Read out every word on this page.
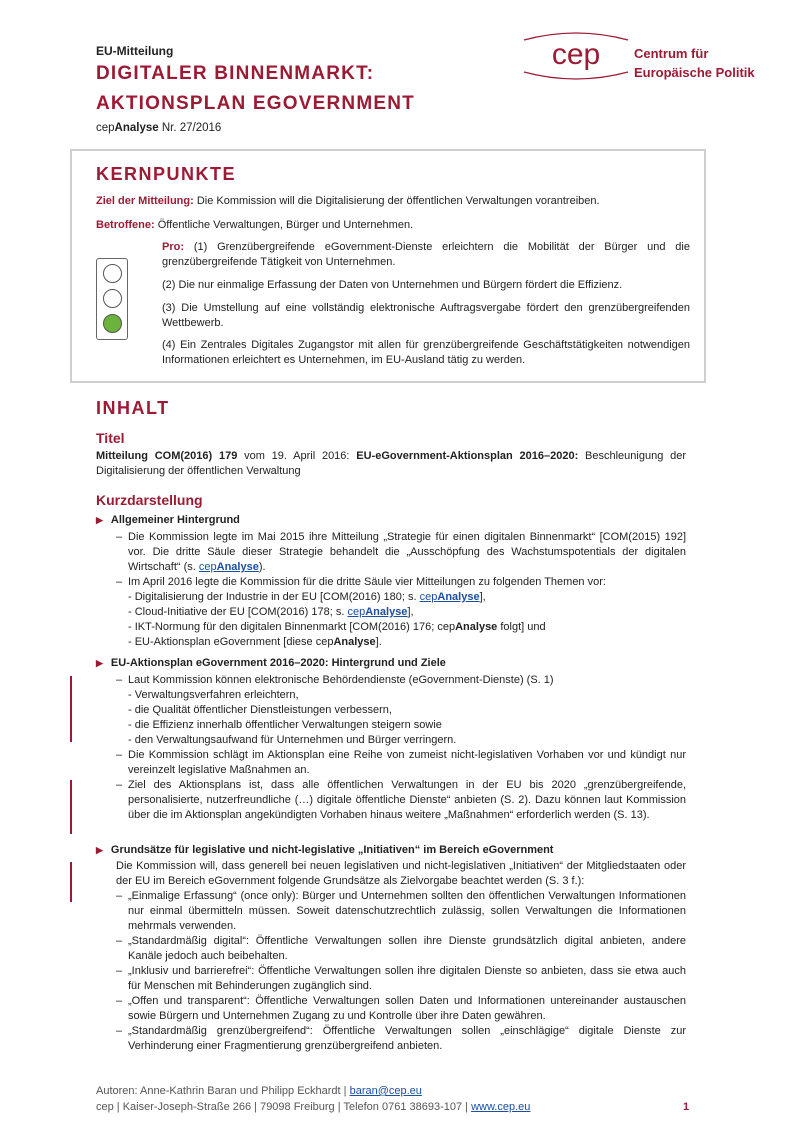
EU-Mitteilung
DIGITALER BINNENMARKT:
AKTIONSPLAN EGOVERNMENT
cepAnalyse Nr. 27/2016
cep	Centrum für
Europäische Politik
KERNPUNKTE
Ziel der Mitteilung: Die Kommission will die Digitalisierung der öffentlichen Verwaltungen vorantreiben.
Betroffene: Öffentliche Verwaltungen, Bürger und Unternehmen.
Pro: (1) Grenzübergreifende eGovernment-Dienste erleichtern die Mobilität der Bürger und die grenzübergreifende Tätigkeit von Unternehmen.
(2) Die nur einmalige Erfassung der Daten von Unternehmen und Bürgern fördert die Effizienz.
(3) Die Umstellung auf eine vollständig elektronische Auftragsvergabe fördert den grenzübergreifenden Wettbewerb.
(4) Ein Zentrales Digitales Zugangstor mit allen für grenzübergreifende Geschäftstätigkeiten notwendigen Informationen erleichtert es Unternehmen, im EU-Ausland tätig zu werden.
INHALT
Titel
Mitteilung COM(2016) 179 vom 19. April 2016: EU-eGovernment-Aktionsplan 2016–2020: Beschleunigung der Digitalisierung der öffentlichen Verwaltung
Kurzdarstellung
▶ Allgemeiner Hintergrund
– Die Kommission legte im Mai 2015 ihre Mitteilung „Strategie für einen digitalen Binnenmarkt“ [COM(2015) 192] vor. Die dritte Säule dieser Strategie behandelt die „Ausschöpfung des Wachstumspotentials der digitalen Wirtschaft“ (s. cepAnalyse).
– Im April 2016 legte die Kommission für die dritte Säule vier Mitteilungen zu folgenden Themen vor:
- Digitalisierung der Industrie in der EU [COM(2016) 180; s. cepAnalyse],
- Cloud-Initiative der EU [COM(2016) 178; s. cepAnalyse],
- IKT-Normung für den digitalen Binnenmarkt [COM(2016) 176; cepAnalyse folgt] und
- EU-Aktionsplan eGovernment [diese cepAnalyse].
▶ EU-Aktionsplan eGovernment 2016–2020: Hintergrund und Ziele
– Laut Kommission können elektronische Behördendienste (eGovernment-Dienste) (S. 1)
- Verwaltungsverfahren erleichtern,
- die Qualität öffentlicher Dienstleistungen verbessern,
- die Effizienz innerhalb öffentlicher Verwaltungen steigern sowie
- den Verwaltungsaufwand für Unternehmen und Bürger verringern.
– Die Kommission schlägt im Aktionsplan eine Reihe von zumeist nicht-legislativen Vorhaben vor und kündigt nur vereinzelt legislative Maßnahmen an.
– Ziel des Aktionsplans ist, dass alle öffentlichen Verwaltungen in der EU bis 2020 „grenzübergreifende, personalisierte, nutzerfreundliche (…) digitale öffentliche Dienste“ anbieten (S. 2). Dazu können laut Kommission über die im Aktionsplan angekündigten Vorhaben hinaus weitere „Maßnahmen“ erforderlich werden (S. 13).
▶ Grundsätze für legislative und nicht-legislative „Initiativen“ im Bereich eGovernment
Die Kommission will, dass generell bei neuen legislativen und nicht-legislativen „Initiativen“ der Mitgliedstaaten oder der EU im Bereich eGovernment folgende Grundsätze als Zielvorgabe beachtet werden (S. 3 f.):
– „Einmalige Erfassung“ (once only): Bürger und Unternehmen sollten den öffentlichen Verwaltungen Informationen nur einmal übermitteln müssen. Soweit datenschutzrechtlich zulässig, sollen Verwaltungen die Informationen mehrmals verwenden.
– „Standardmäßig digital“: Öffentliche Verwaltungen sollen ihre Dienste grundsätzlich digital anbieten, andere Kanäle jedoch auch beibehalten.
– „Inklusiv und barrierefrei“: Öffentliche Verwaltungen sollen ihre digitalen Dienste so anbieten, dass sie etwa auch für Menschen mit Behinderungen zugänglich sind.
– „Offen und transparent“: Öffentliche Verwaltungen sollen Daten und Informationen untereinander austauschen sowie Bürgern und Unternehmen Zugang zu und Kontrolle über ihre Daten gewähren.
– „Standardmäßig grenzübergreifend“: Öffentliche Verwaltungen sollen „einschlägige“ digitale Dienste zur Verhinderung einer Fragmentierung grenzübergreifend anbieten.
Autoren: Anne-Kathrin Baran und Philipp Eckhardt | baran@cep.eu
cep | Kaiser-Joseph-Straße 266 | 79098 Freiburg | Telefon 0761 38693-107 | www.cep.eu	1
